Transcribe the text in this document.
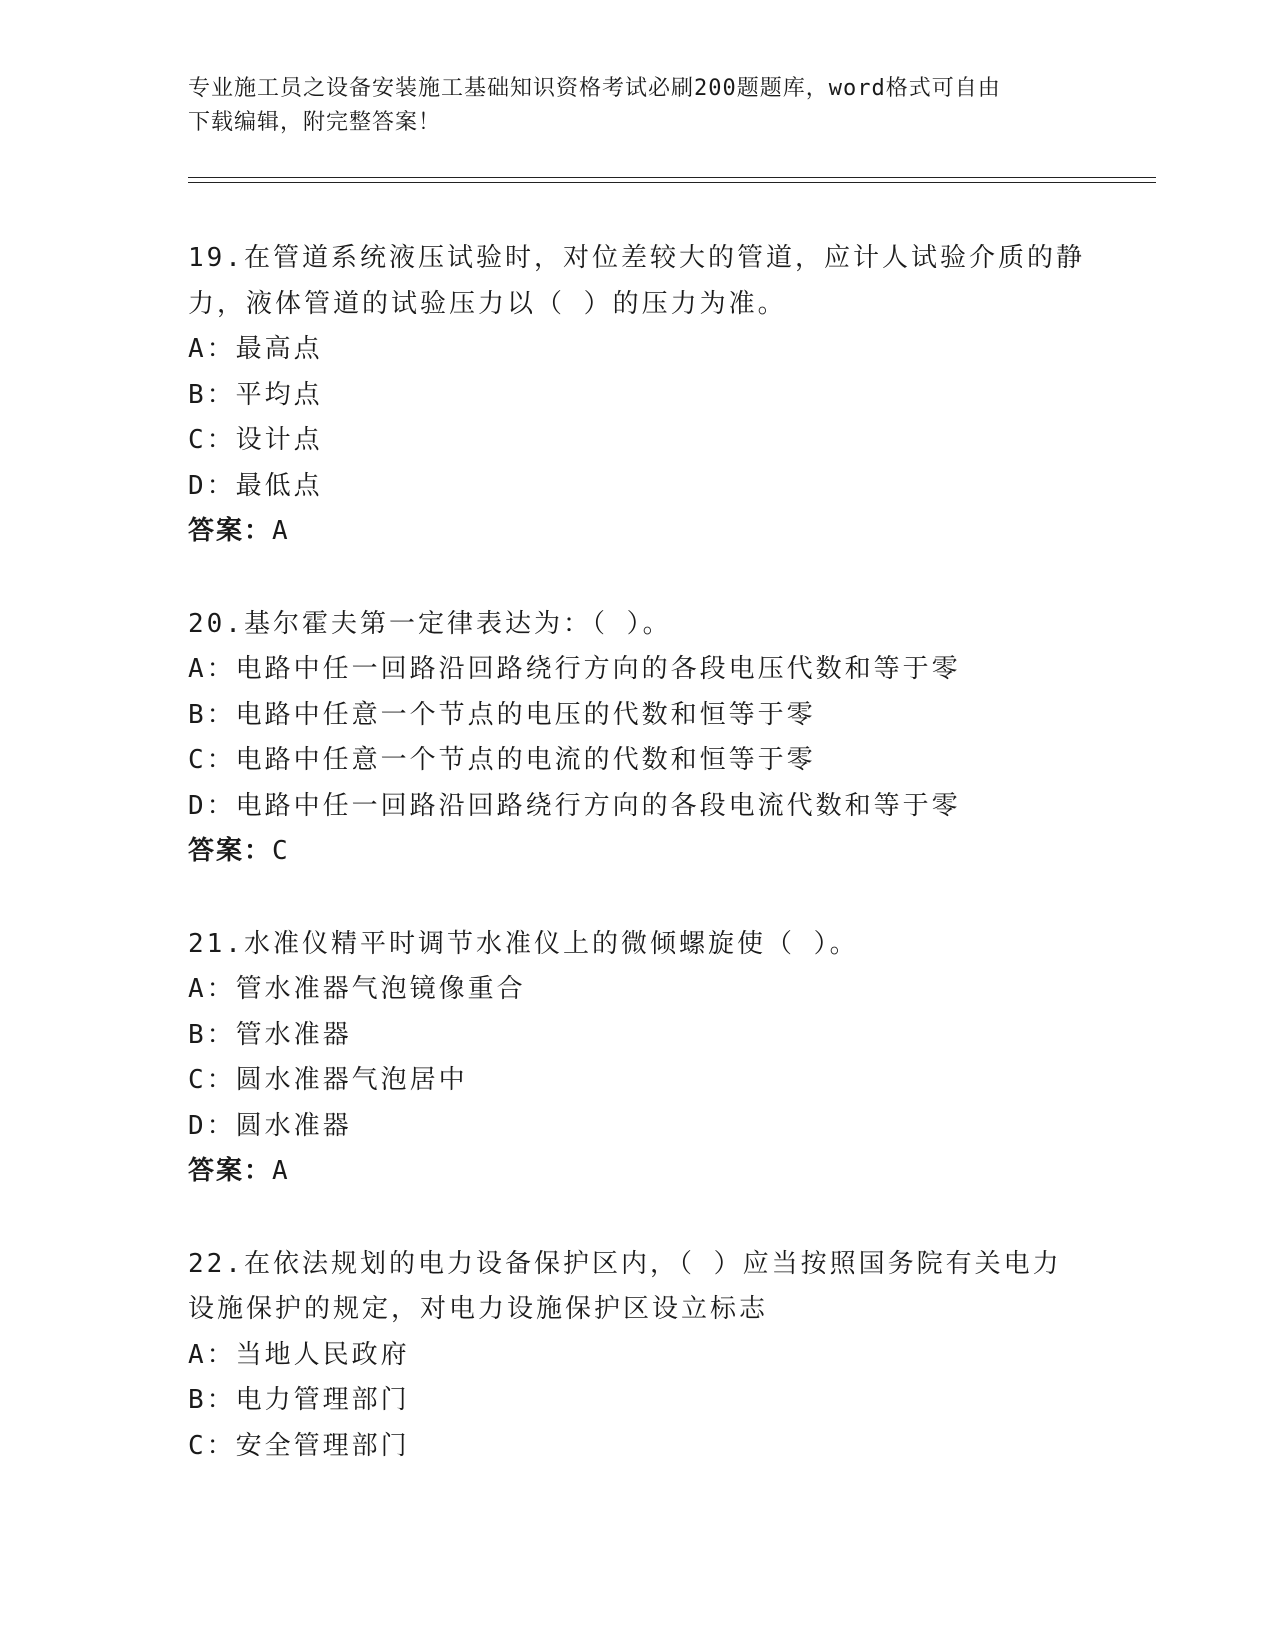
专业施工员之设备安装施工基础知识资格考试必刷200题题库，word格式可自由
下载编辑，附完整答案！
19.在管道系统液压试验时，对位差较大的管道，应计人试验介质的静
力，液体管道的试验压力以（ ）的压力为准。
A：最高点
B：平均点
C：设计点
D：最低点
答案：A
20.基尔霍夫第一定律表达为：（ ）。
A：电路中任一回路沿回路绕行方向的各段电压代数和等于零
B：电路中任意一个节点的电压的代数和恒等于零
C：电路中任意一个节点的电流的代数和恒等于零
D：电路中任一回路沿回路绕行方向的各段电流代数和等于零
答案：C
21.水准仪精平时调节水准仪上的微倾螺旋使（ ）。
A：管水准器气泡镜像重合
B：管水准器
C：圆水准器气泡居中
D：圆水准器
答案：A
22.在依法规划的电力设备保护区内，（ ）应当按照国务院有关电力
设施保护的规定，对电力设施保护区设立标志
A：当地人民政府
B：电力管理部门
C：安全管理部门
